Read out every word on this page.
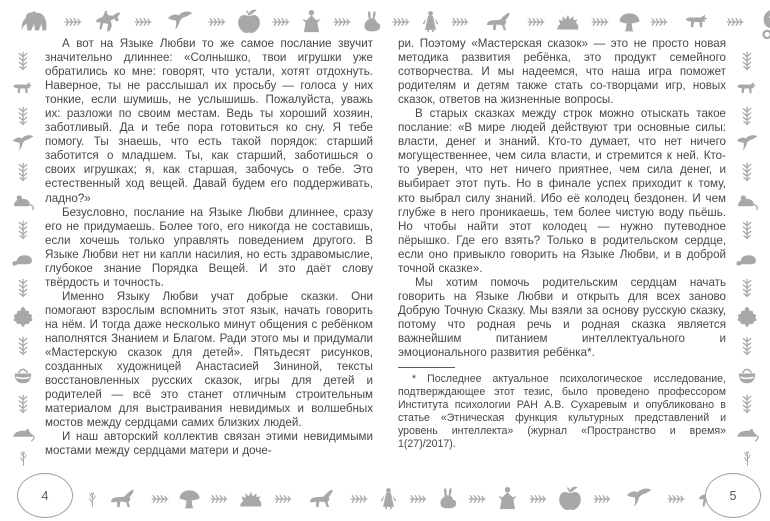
А вот на Языке Любви то же самое послание звучит значительно длиннее: «Солнышко, твои игрушки уже обратились ко мне: говорят, что устали, хотят отдохнуть. Наверное, ты не расслышал их просьбу — голоса у них тонкие, если шумишь, не услышишь. Пожалуйста, уважь их: разложи по своим местам. Ведь ты хороший хозяин, заботливый. Да и тебе пора готовиться ко сну. Я тебе помогу. Ты знаешь, что есть такой порядок: старший заботится о младшем. Ты, как старший, заботишься о своих игрушках; я, как старшая, забочусь о тебе. Это естественный ход вещей. Давай будем его поддерживать, ладно?»

Безусловно, послание на Языке Любви длиннее, сразу его не придумаешь. Более того, его никогда не составишь, если хочешь только управлять поведением другого. В Языке Любви нет ни капли насилия, но есть здравомыслие, глубокое знание Порядка Вещей. И это даёт слову твёрдость и точность.

Именно Языку Любви учат добрые сказки. Они помогают взрослым вспомнить этот язык, начать говорить на нём. И тогда даже несколько минут общения с ребёнком наполнятся Знанием и Благом. Ради этого мы и придумали «Мастерскую сказок для детей». Пятьдесят рисунков, созданных художницей Анастасией Зининой, тексты восстановленных русских сказок, игры для детей и родителей — всё это станет отличным строительным материалом для выстраивания невидимых и волшебных мостов между сердцами самих близких людей.

И наш авторский коллектив связан этими невидимыми мостами между сердцами матери и доче-

ри. Поэтому «Мастерская сказок» — это не просто новая методика развития ребёнка, это продукт семейного сотворчества. И мы надеемся, что наша игра поможет родителям и детям также стать со-творцами игр, новых сказок, ответов на жизненные вопросы.

В старых сказках между строк можно отыскать такое послание: «В мире людей действуют три основные силы: власти, денег и знаний. Кто-то думает, что нет ничего могущественнее, чем сила власти, и стремится к ней. Кто-то уверен, что нет ничего приятнее, чем сила денег, и выбирает этот путь. Но в финале успех приходит к тому, кто выбрал силу знаний. Ибо её колодец бездонен. И чем глубже в него проникаешь, тем более чистую воду пьёшь. Но чтобы найти этот колодец — нужно путеводное пёрышко. Где его взять? Только в родительском сердце, если оно привыкло говорить на Языке Любви, и в доброй точной сказке».

Мы хотим помочь родительским сердцам начать говорить на Языке Любви и открыть для всех заново Добрую Точную Сказку. Мы взяли за основу русскую сказку, потому что родная речь и родная сказка является важнейшим питанием интеллектуального и эмоционального развития ребёнка*.

* Последнее актуальное психологическое исследование, подтверждающее этот тезис, было проведено профессором Института психологии РАН А.В. Сухаревым и опубликовано в статье «Этническая функция культурных представлений и уровень интеллекта» (журнал «Пространство и время» 1(27)/2017).

4	5
